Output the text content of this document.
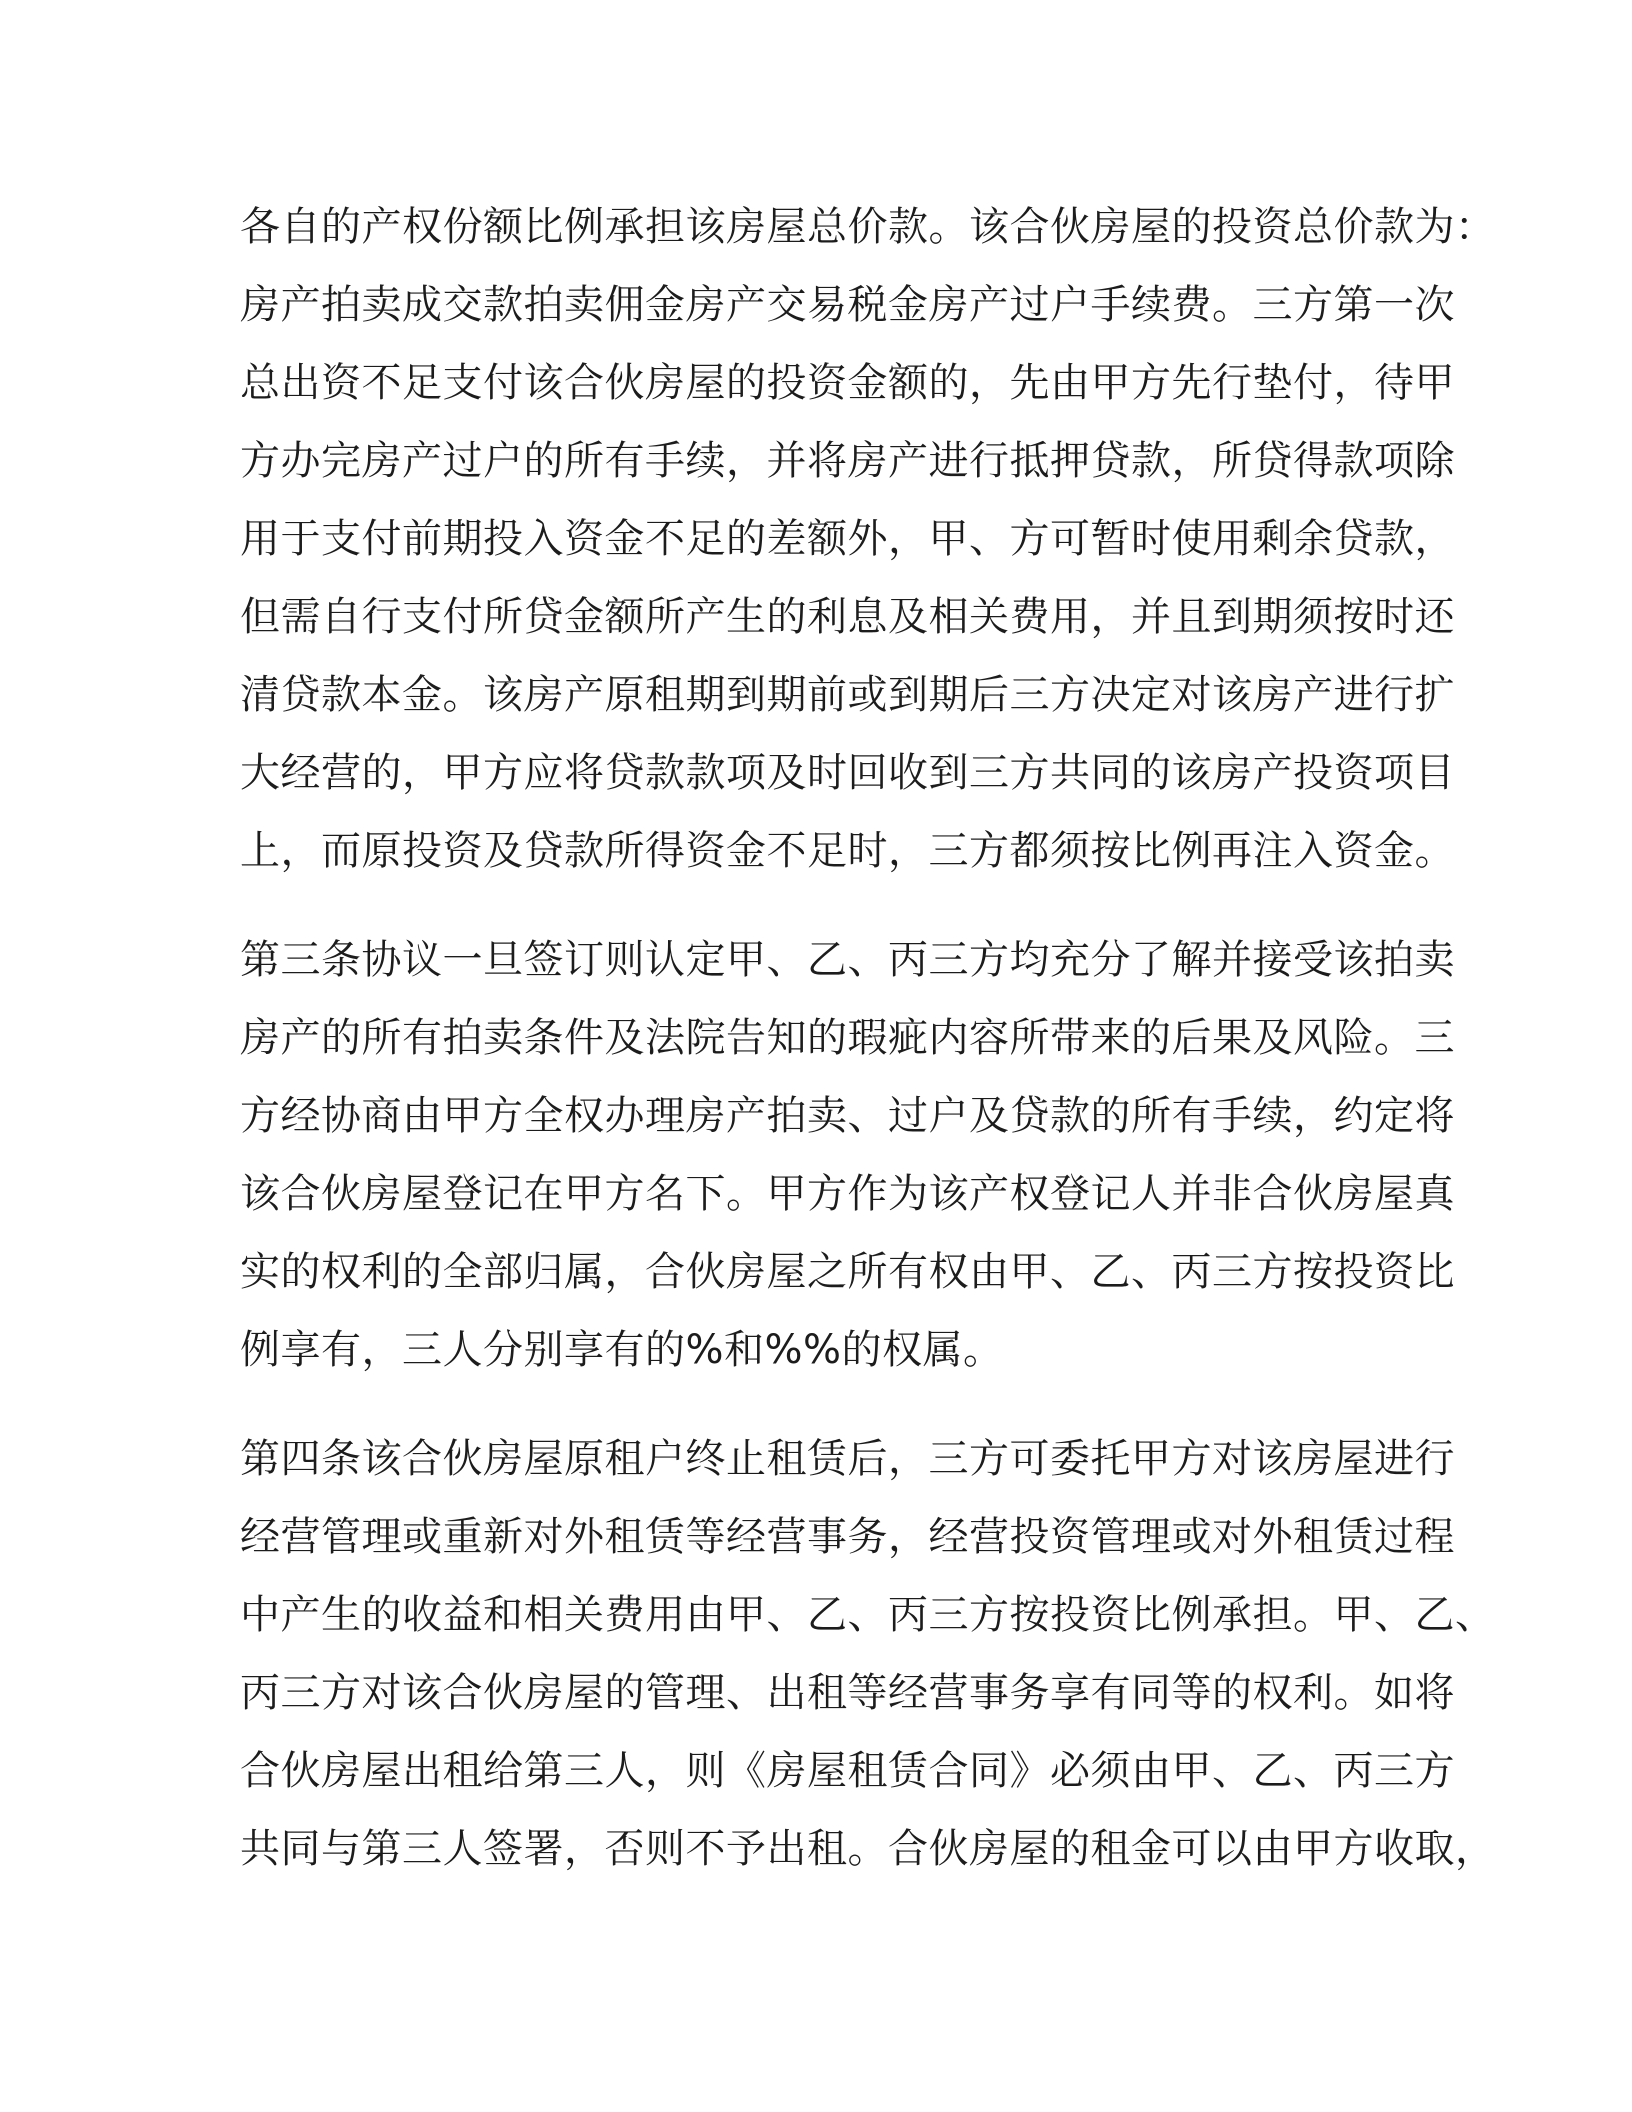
各自的产权份额比例承担该房屋总价款。该合伙房屋的投资总价款为：
房产拍卖成交款拍卖佣金房产交易税金房产过户手续费。三方第一次
总出资不足支付该合伙房屋的投资金额的，先由甲方先行垫付，待甲
方办完房产过户的所有手续，并将房产进行抵押贷款，所贷得款项除
用于支付前期投入资金不足的差额外，甲、方可暂时使用剩余贷款，
但需自行支付所贷金额所产生的利息及相关费用，并且到期须按时还
清贷款本金。该房产原租期到期前或到期后三方决定对该房产进行扩
大经营的，甲方应将贷款款项及时回收到三方共同的该房产投资项目
上，而原投资及贷款所得资金不足时，三方都须按比例再注入资金。
第三条协议一旦签订则认定甲、乙、丙三方均充分了解并接受该拍卖
房产的所有拍卖条件及法院告知的瑕疵内容所带来的后果及风险。三
方经协商由甲方全权办理房产拍卖、过户及贷款的所有手续，约定将
该合伙房屋登记在甲方名下。甲方作为该产权登记人并非合伙房屋真
实的权利的全部归属，合伙房屋之所有权由甲、乙、丙三方按投资比
例享有，三人分别享有的%和%%的权属。
第四条该合伙房屋原租户终止租赁后，三方可委托甲方对该房屋进行
经营管理或重新对外租赁等经营事务，经营投资管理或对外租赁过程
中产生的收益和相关费用由甲、乙、丙三方按投资比例承担。甲、乙、
丙三方对该合伙房屋的管理、出租等经营事务享有同等的权利。如将
合伙房屋出租给第三人，则《房屋租赁合同》必须由甲、乙、丙三方
共同与第三人签署，否则不予出租。合伙房屋的租金可以由甲方收取，
